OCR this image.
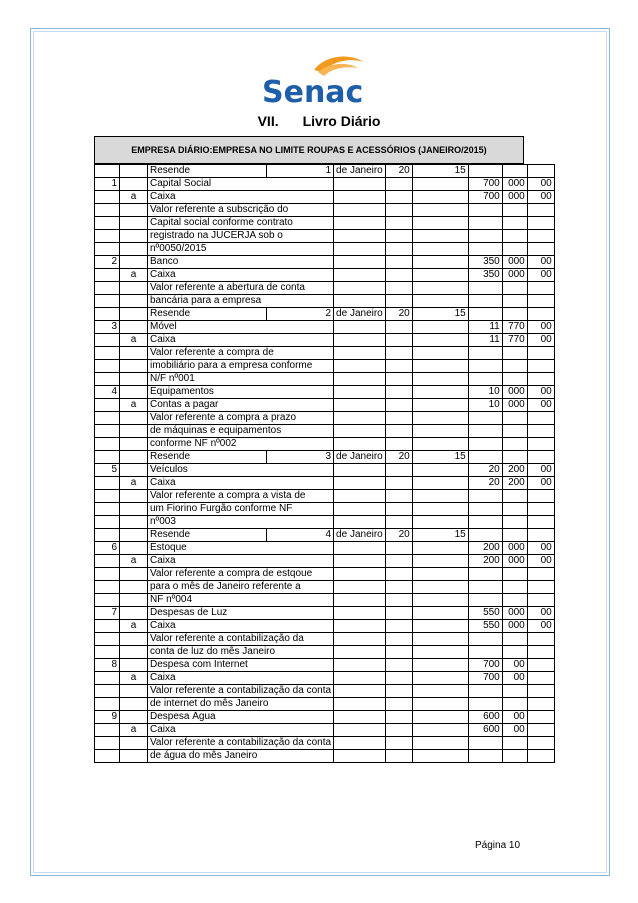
Senac
VII. Livro Diário
EMPRESA DIÁRIO:EMPRESA NO LIMITE ROUPAS E ACESSÓRIOS (JANEIRO/2015)
		Resende	1	de Janeiro	20	15			
1		Capital Social					700	000	00
	a	Caixa					700	000	00
		Valor referente a subscrição do							
		Capital social conforme contrato							
		registrado na JUCERJA sob o							
		nº0050/2015							
2		Banco					350	000	00
	a	Caixa					350	000	00
		Valor referente a abertura de conta							
		bancária para a empresa							
		Resende	2	de Janeiro	20	15			
3		Móvel					11	770	00
	a	Caixa					11	770	00
		Valor referente a compra de							
		imobiliário para a empresa conforme							
		N/F nº001							
4		Equipamentos					10	000	00
	a	Contas a pagar					10	000	00
		Valor referente a compra a prazo							
		de máquinas e equipamentos							
		conforme NF nº002							
		Resende	3	de Janeiro	20	15			
5		Veículos					20	200	00
	a	Caixa					20	200	00
		Valor referente a compra a vista de							
		um Fiorino Furgão conforme NF							
		nº003							
		Resende	4	de Janeiro	20	15			
6		Estoque					200	000	00
	a	Caixa					200	000	00
		Valor referente a compra de estqoue							
		para o mês de Janeiro referente a							
		NF nº004							
7		Despesas de Luz					550	000	00
	a	Caixa					550	000	00
		Valor referente a contabilização da							
		conta de luz do mês Janeiro							
8		Despesa com Internet					700	00	
	a	Caixa					700	00	
		Valor referente a contabilização da conta							
		de internet do mês Janeiro							
9		Despesa Água					600	00	
	a	Caixa					600	00	
		Valor referente a contabilização da conta							
		de água do mês Janeiro							
Página 10
